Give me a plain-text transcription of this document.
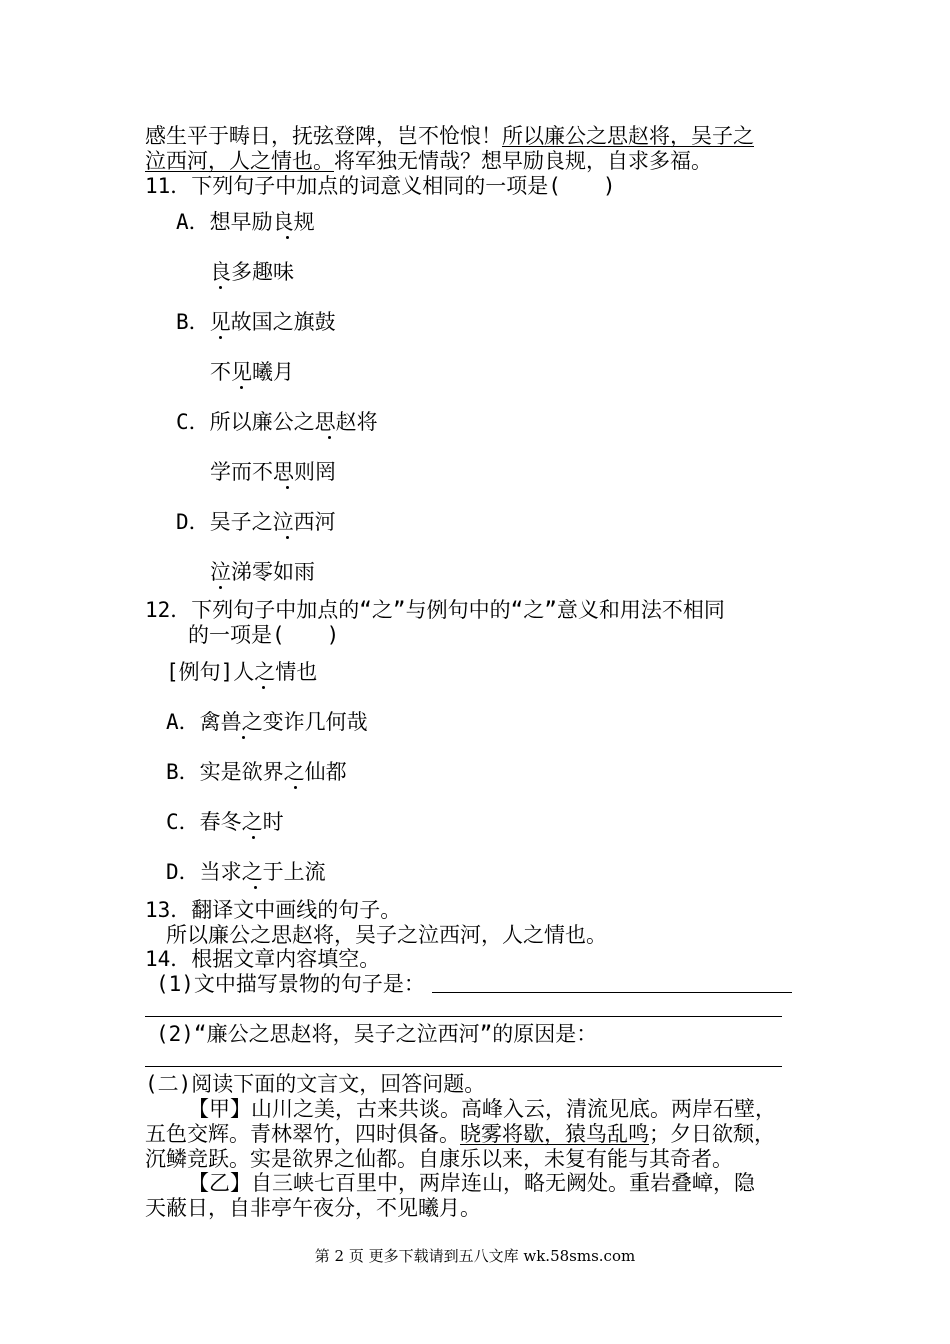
感生平于畴日，抚弦登陴，岂不怆悢！所以廉公之思赵将，吴子之
泣西河，人之情也。将军独无情哉？想早励良规，自求多福。
11．下列句子中加点的词意义相同的一项是(　　)
A．想早励良规
良多趣味
B．见故国之旗鼓
不见曦月
C．所以廉公之思赵将
学而不思则罔
D．吴子之泣西河
泣涕零如雨
12．下列句子中加点的“之”与例句中的“之”意义和用法不相同
的一项是(　　)
[例句]人之情也
A．禽兽之变诈几何哉
B．实是欲界之仙都
C．春冬之时
D．当求之于上流
13．翻译文中画线的句子。
所以廉公之思赵将，吴子之泣西河，人之情也。
14．根据文章内容填空。
(1)文中描写景物的句子是：
(2)“廉公之思赵将，吴子之泣西河”的原因是：
(二)阅读下面的文言文，回答问题。
【甲】山川之美，古来共谈。高峰入云，清流见底。两岸石壁，
五色交辉。青林翠竹，四时俱备。晓雾将歇，猿鸟乱鸣；夕日欲颓，
沉鳞竞跃。实是欲界之仙都。自康乐以来，未复有能与其奇者。
【乙】自三峡七百里中，两岸连山，略无阙处。重岩叠嶂，隐
天蔽日，自非亭午夜分，不见曦月。
第 2 页 更多下载请到五八文库 wk.58sms.com
